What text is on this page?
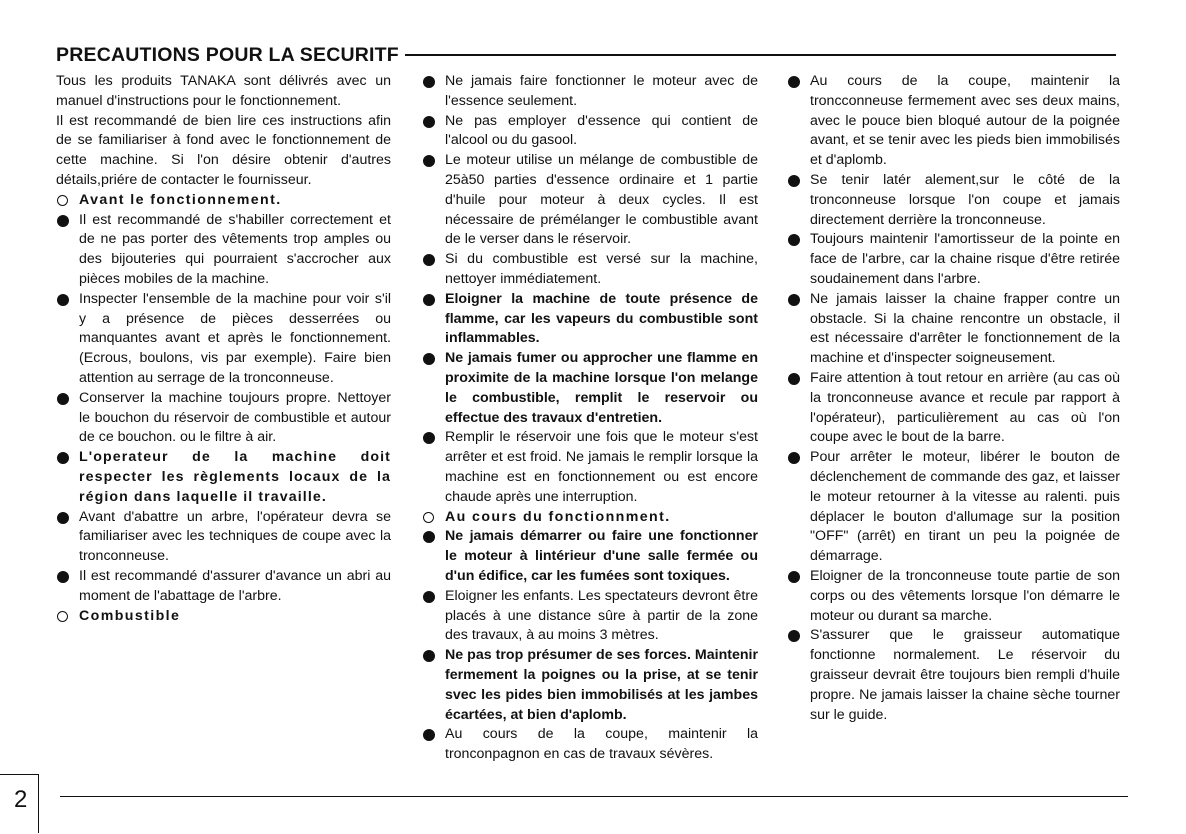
PRECAUTIONS POUR LA SECURITF

Tous les produits TANAKA sont délivrés avec un manuel d'instructions pour le fonctionnement.

Il est recommandé de bien lire ces instructions afin de se familiariser à fond avec le fonctionnement de cette machine. Si l'on désire obtenir d'autres détails,priére de contacter le fournisseur.

Avant le fonctionnement.
Il est recommandé de s'habiller correctement et de ne pas porter des vêtements trop amples ou des bijouteries qui pourraient s'accrocher aux pièces mobiles de la machine.
Inspecter l'ensemble de la machine pour voir s'il y a présence de pièces desserrées ou manquantes avant et après le fonctionnement. (Ecrous, boulons, vis par exemple). Faire bien attention au serrage de la tronconneuse.
Conserver la machine toujours propre. Nettoyer le bouchon du réservoir de combustible et autour de ce bouchon. ou le filtre à air.
L'operateur de la machine doit respecter les règlements locaux de la région dans laquelle il travaille.
Avant d'abattre un arbre, l'opérateur devra se familiariser avec les techniques de coupe avec la tronconneuse.
Il est recommandé d'assurer d'avance un abri au moment de l'abattage de l'arbre.
Combustible
Ne jamais faire fonctionner le moteur avec de l'essence seulement.
Ne pas employer d'essence qui contient de l'alcool ou du gasool.
Le moteur utilise un mélange de combustible de 25à50 parties d'essence ordinaire et 1 partie d'huile pour moteur à deux cycles. Il est nécessaire de prémélanger le combustible avant de le verser dans le réservoir.
Si du combustible est versé sur la machine, nettoyer immédiatement.
Eloigner la machine de toute présence de flamme, car les vapeurs du combustible sont inflammables.
Ne jamais fumer ou approcher une flamme en proximite de la machine lorsque l'on melange le combustible, remplit le reservoir ou effectue des travaux d'entretien.
Remplir le réservoir une fois que le moteur s'est arrêter et est froid. Ne jamais le remplir lorsque la machine est en fonctionnement ou est encore chaude après une interruption.
Au cours du fonctionnment.
Ne jamais démarrer ou faire une fonctionner le moteur à lintérieur d'une salle fermée ou d'un édifice, car les fumées sont toxiques.
Eloigner les enfants. Les spectateurs devront être placés à une distance sûre à partir de la zone des travaux, à au moins 3 mètres.
Ne pas trop présumer de ses forces. Maintenir fermement la poignes ou la prise, at se tenir svec les pides bien immobilisés at les jambes écartées, at bien d'aplomb.
Au cours de la coupe, maintenir la tronconpagnon en cas de travaux sévères.
Au cours de la coupe, maintenir la troncconneuse fermement avec ses deux mains, avec le pouce bien bloqué autour de la poignée avant, et se tenir avec les pieds bien immobilisés et d'aplomb.
Se tenir latér alement,sur le côté de la tronconneuse lorsque l'on coupe et jamais directement derrière la tronconneuse.
Toujours maintenir l'amortisseur de la pointe en face de l'arbre, car la chaine risque d'être retirée soudainement dans l'arbre.
Ne jamais laisser la chaine frapper contre un obstacle. Si la chaine rencontre un obstacle, il est nécessaire d'arrêter le fonctionnement de la machine et d'inspecter soigneusement.
Faire attention à tout retour en arrière (au cas où la tronconneuse avance et recule par rapport à l'opérateur), particulièrement au cas où l'on coupe avec le bout de la barre.
Pour arrêter le moteur, libérer le bouton de déclenchement de commande des gaz, et laisser le moteur retourner à la vitesse au ralenti. puis déplacer le bouton d'allumage sur la position "OFF" (arrêt) en tirant un peu la poignée de démarrage.
Eloigner de la tronconneuse toute partie de son corps ou des vêtements lorsque l'on démarre le moteur ou durant sa marche.
S'assurer que le graisseur automatique fonctionne normalement. Le réservoir du graisseur devrait être toujours bien rempli d'huile propre. Ne jamais laisser la chaine sèche tourner sur le guide.
2
